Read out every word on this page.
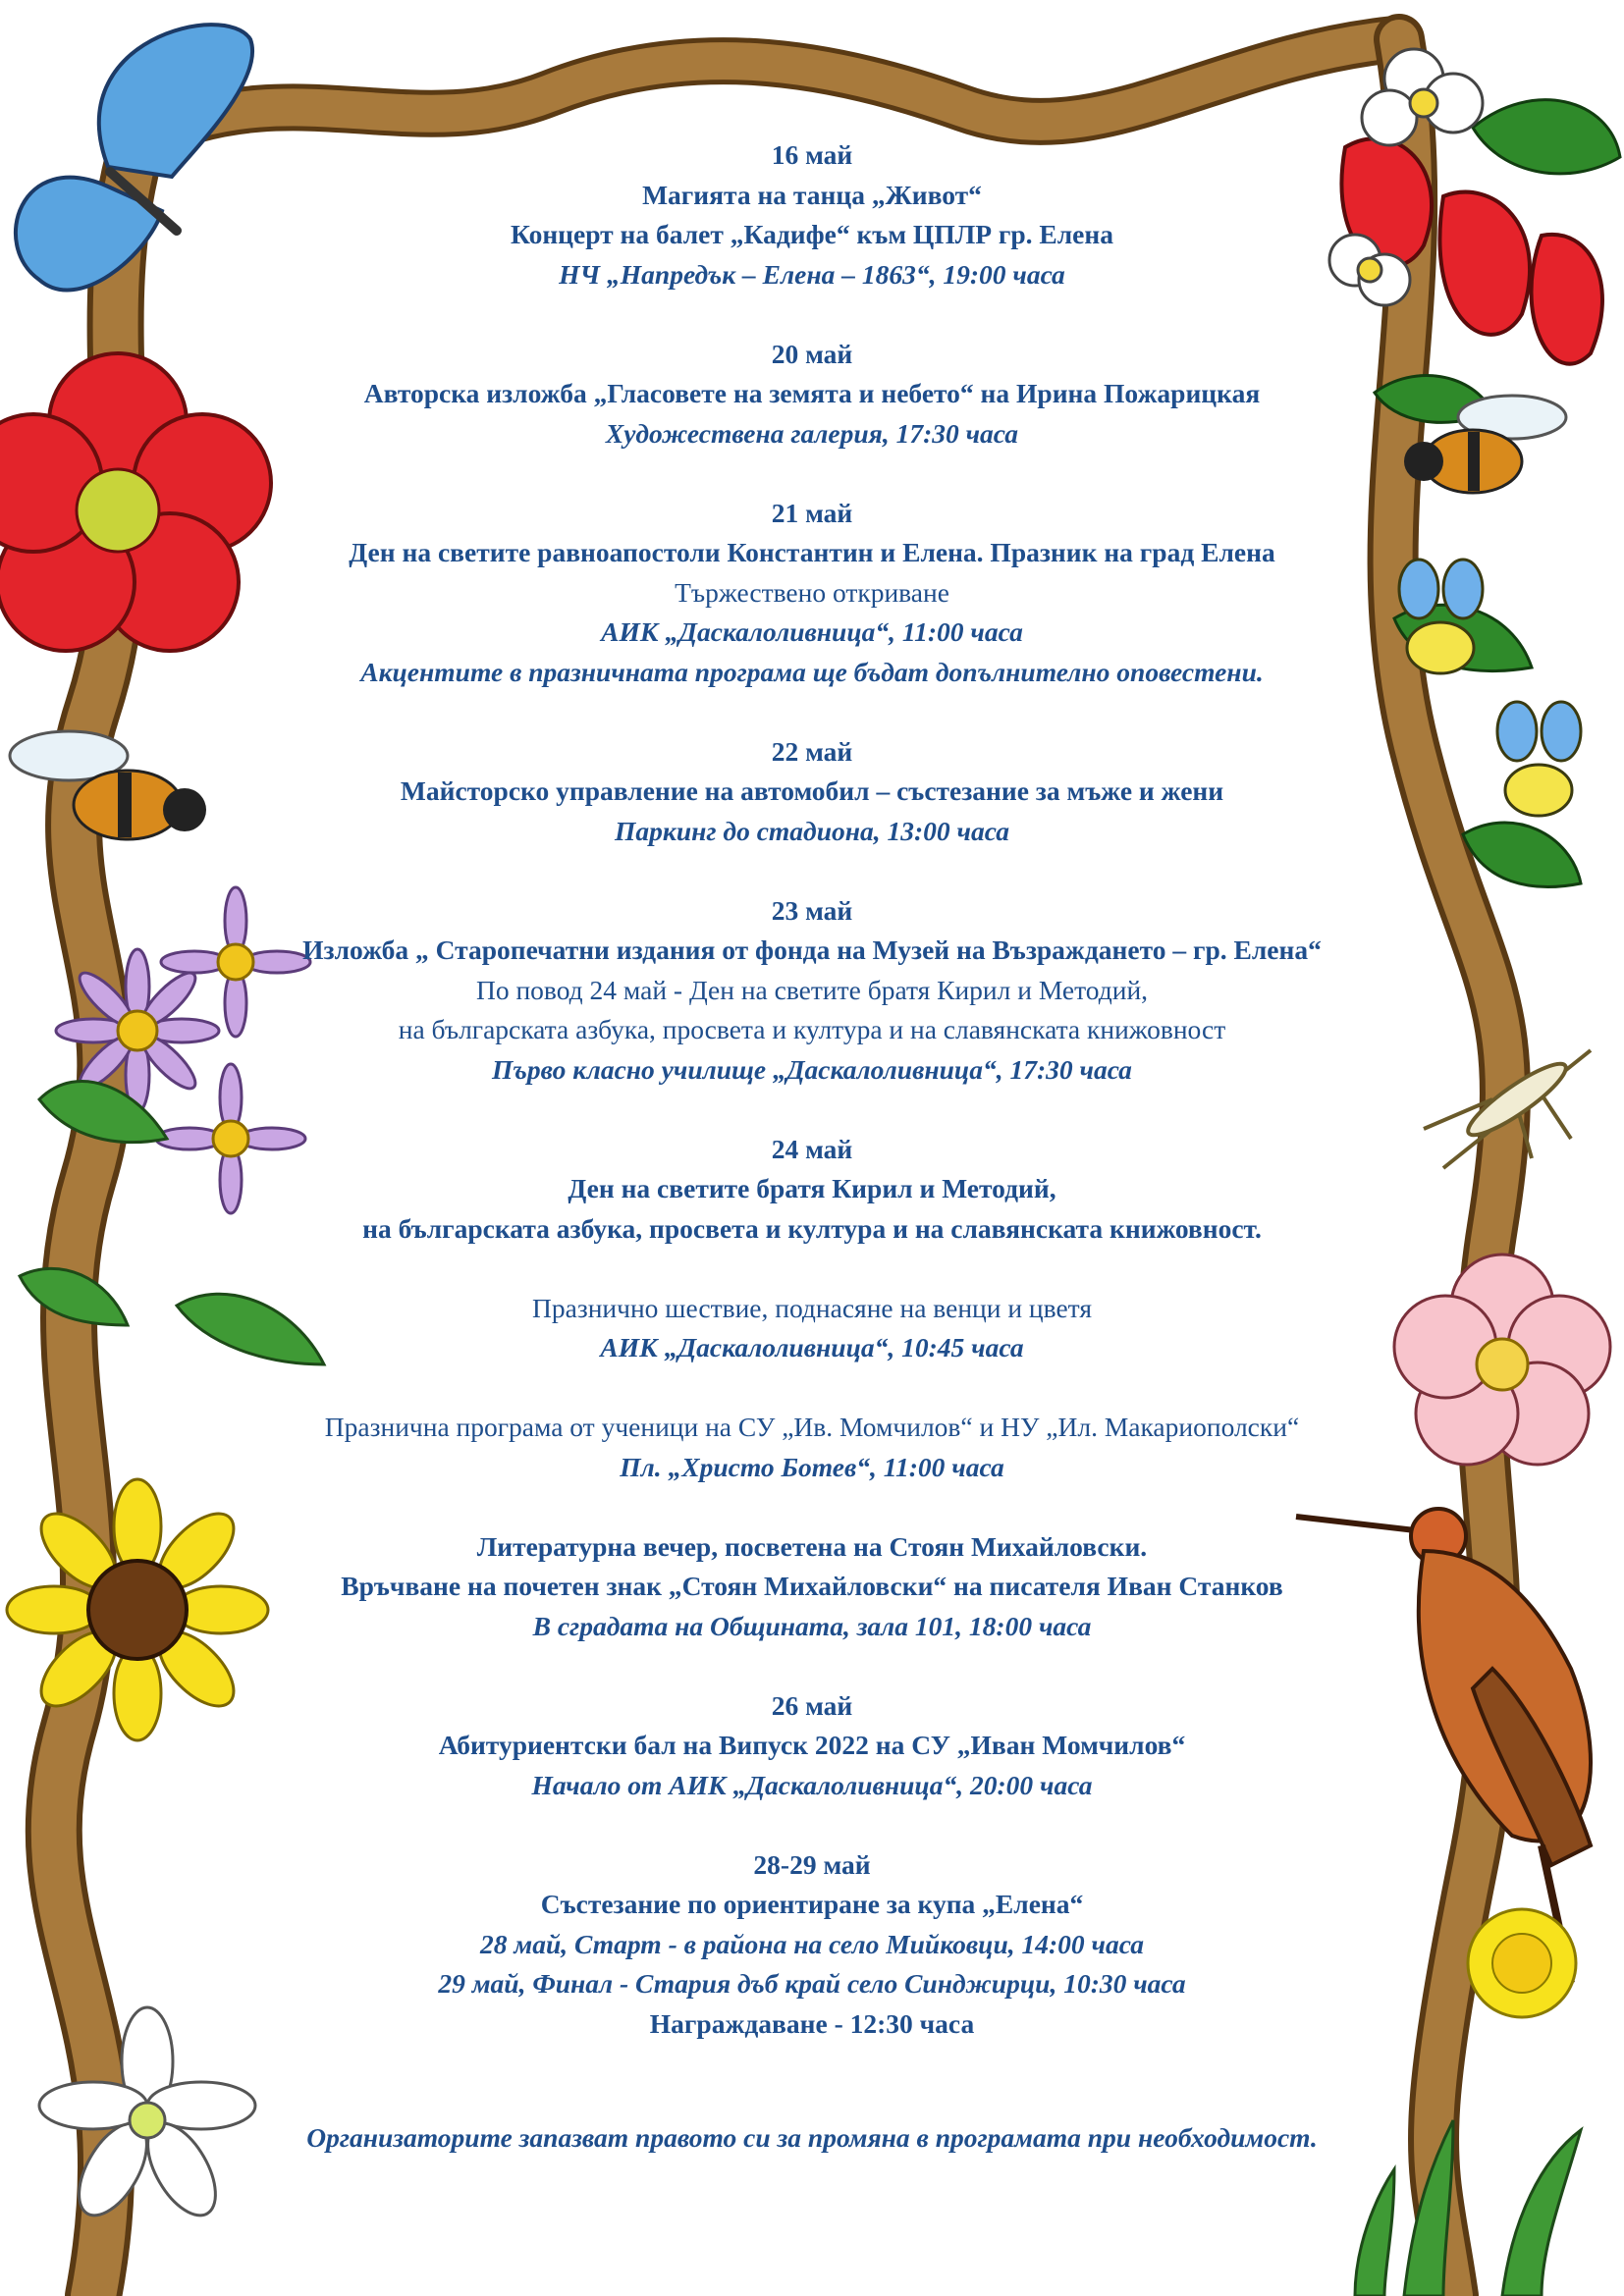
16 май
Магията на танца „Живот“
Концерт на балет „Кадифе“ към ЦПЛР гр. Елена
НЧ „Напредък – Елена – 1863“, 19:00 часа
20 май
Авторска изложба „Гласовете на земята и небето“ на Ирина Пожарицкая
Художествена галерия, 17:30 часа
21 май
Ден на светите равноапостоли Константин и Елена. Празник на град Елена
Тържествено откриване
АИК „Даскалоливница“, 11:00 часа
Акцентите в празничната програма ще бъдат допълнително оповестени.
22 май
Майсторско управление на автомобил – състезание за мъже и жени
Паркинг до стадиона, 13:00 часа
23 май
Изложба „ Старопечатни издания от фонда на Музей на Възраждането – гр. Елена“
По повод 24 май - Ден на светите братя Кирил и Методий,
на българската азбука, просвета и култура и на славянската книжовност
Първо класно училище „Даскалоливница“, 17:30 часа
24 май
Ден на светите братя Кирил и Методий,
на българската азбука, просвета и култура и на славянската книжовност.
Празнично шествие, поднасяне на венци и цветя
АИК „Даскалоливница“, 10:45 часа
Празнична програма от ученици на СУ „Ив. Момчилов“ и НУ „Ил. Макариополски“
Пл. „Христо Ботев“, 11:00 часа
Литературна вечер, посветена на Стоян Михайловски.
Връчване на почетен знак „Стоян Михайловски“ на писателя Иван Станков
В сградата на Общината, зала 101, 18:00 часа
26 май
Абитуриентски бал на Випуск 2022 на СУ „Иван Момчилов“
Начало от АИК „Даскалоливница“, 20:00 часа
28-29 май
Състезание по ориентиране за купа „Елена“
28 май, Старт - в района на село Мийковци, 14:00 часа
29 май, Финал - Стария дъб край село Синджирци, 10:30 часа
Награждаване - 12:30 часа
Организаторите запазват правото си за промяна в програмата при необходимост.
